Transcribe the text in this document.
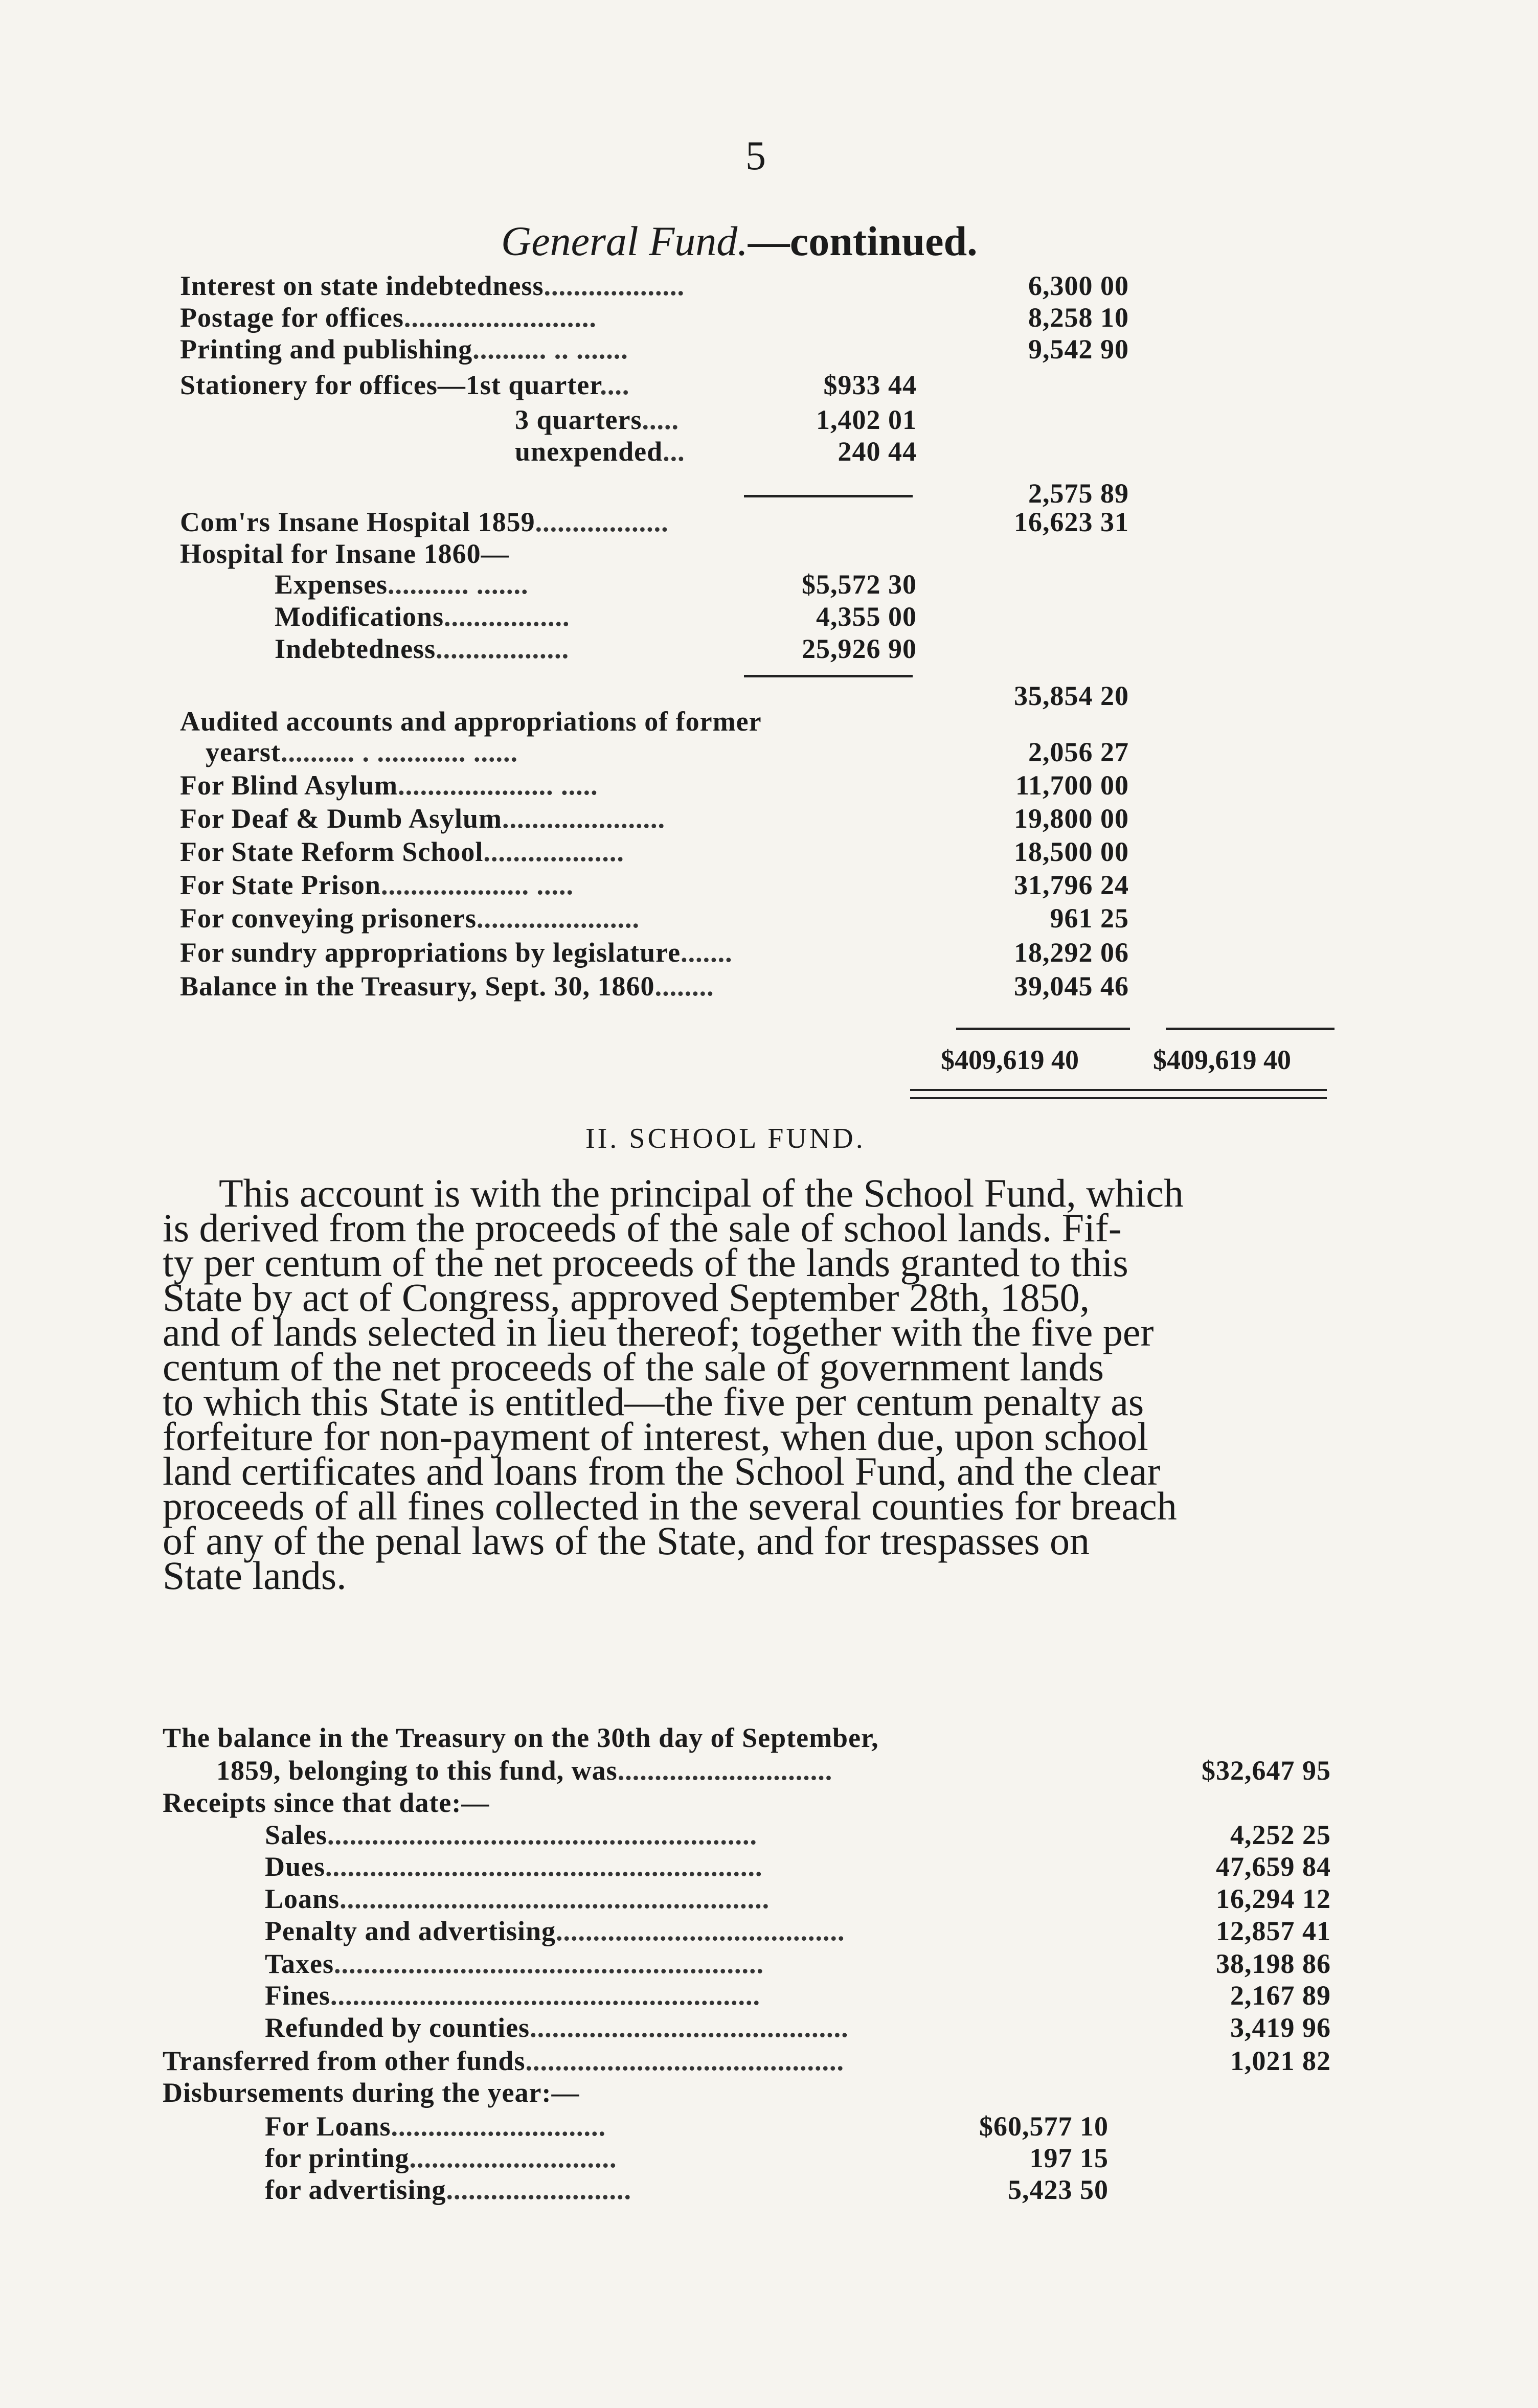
5
General Fund.—continued.
Interest on state indebtedness...................	6,300 00
Postage for offices..........................	8,258 10
Printing and publishing.......... .. .......	9,542 90
Stationery for offices—1st quarter....	$933 44
3 quarters.....	1,402 01
unexpended...	240 44
2,575 89
Com'rs Insane Hospital 1859..................	16,623 31
Hospital for Insane 1860—
Expenses........... .......	$5,572 30
Modifications.................	4,355 00
Indebtedness..................	25,926 90
35,854 20
Audited accounts and appropriations of former
yearst.......... . ............ ......	2,056 27
For Blind Asylum..................... .....	11,700 00
For Deaf & Dumb Asylum......................	19,800 00
For State Reform School...................	18,500 00
For State Prison.................... .....	31,796 24
For conveying prisoners......................	961 25
For sundry appropriations by legislature.......	18,292 06
Balance in the Treasury, Sept. 30, 1860........	39,045 46
$409,619 40	$409,619 40
II. SCHOOL FUND.
This account is with the principal of the School Fund, which
is derived from the proceeds of the sale of school lands. Fif-
ty per centum of the net proceeds of the lands granted to this
State by act of Congress, approved September 28th, 1850,
and of lands selected in lieu thereof; together with the five per
centum of the net proceeds of the sale of government lands
to which this State is entitled—the five per centum penalty as
forfeiture for non-payment of interest, when due, upon school
land certificates and loans from the School Fund, and the clear
proceeds of all fines collected in the several counties for breach
of any of the penal laws of the State, and for trespasses on
State lands.
The balance in the Treasury on the 30th day of September,
1859, belonging to this fund, was.............................	$32,647 95
Receipts since that date:—
Sales..........................................................	4,252 25
Dues...........................................................	47,659 84
Loans..........................................................	16,294 12
Penalty and advertising.......................................	12,857 41
Taxes..........................................................	38,198 86
Fines..........................................................	2,167 89
Refunded by counties...........................................	3,419 96
Transferred from other funds...........................................	1,021 82
Disbursements during the year:—
For Loans.............................	$60,577 10
for printing............................	197 15
for advertising.........................	5,423 50
